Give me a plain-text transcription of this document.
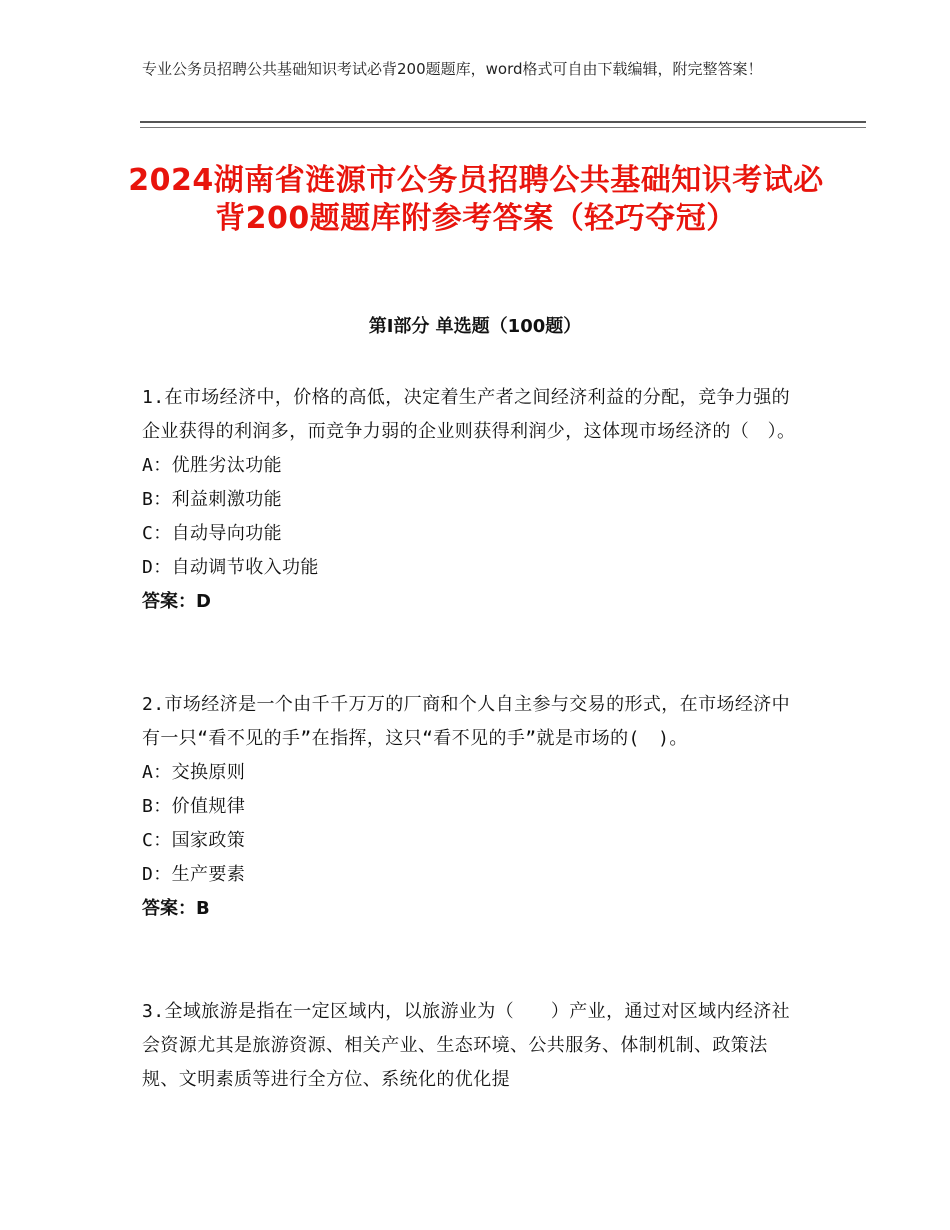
专业公务员招聘公共基础知识考试必背200题题库，word格式可自由下载编辑，附完整答案！
2024湖南省涟源市公务员招聘公共基础知识考试必背200题题库附参考答案（轻巧夺冠）
第Ⅰ部分 单选题（100题）
1.在市场经济中，价格的高低，决定着生产者之间经济利益的分配，竞争力强的企业获得的利润多，而竞争力弱的企业则获得利润少，这体现市场经济的（　）。
A：优胜劣汰功能
B：利益刺激功能
C：自动导向功能
D：自动调节收入功能
答案：D
2.市场经济是一个由千千万万的厂商和个人自主参与交易的形式，在市场经济中有一只“看不见的手”在指挥，这只“看不见的手”就是市场的(　)。
A：交换原则
B：价值规律
C：国家政策
D：生产要素
答案：B
3.全域旅游是指在一定区域内，以旅游业为（　　）产业，通过对区域内经济社会资源尤其是旅游资源、相关产业、生态环境、公共服务、体制机制、政策法规、文明素质等进行全方位、系统化的优化提
